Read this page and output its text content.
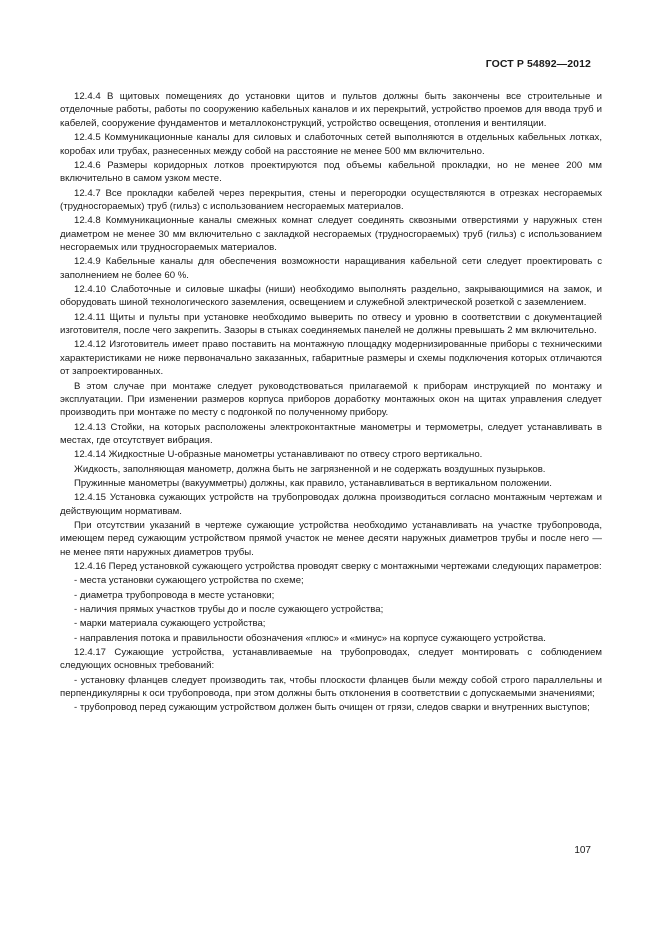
ГОСТ Р 54892—2012

12.4.4 В щитовых помещениях до установки щитов и пультов должны быть закончены все строительные и отделочные работы, работы по сооружению кабельных каналов и их перекрытий, устройство проемов для ввода труб и кабелей, сооружение фундаментов и металлоконструкций, устройство освещения, отопления и вентиляции.

12.4.5 Коммуникационные каналы для силовых и слаботочных сетей выполняются в отдельных кабельных лотках, коробах или трубах, разнесенных между собой на расстояние не менее 500 мм включительно.

12.4.6 Размеры коридорных лотков проектируются под объемы кабельной прокладки, но не менее 200 мм включительно в самом узком месте.

12.4.7 Все прокладки кабелей через перекрытия, стены и перегородки осуществляются в отрезках несгораемых (трудносгораемых) труб (гильз) с использованием несгораемых материалов.

12.4.8 Коммуникационные каналы смежных комнат следует соединять сквозными отверстиями у наружных стен диаметром не менее 30 мм включительно с закладкой несгораемых (трудносгораемых) труб (гильз) с использованием несгораемых или трудносгораемых материалов.

12.4.9 Кабельные каналы для обеспечения возможности наращивания кабельной сети следует проектировать с заполнением не более 60 %.

12.4.10 Слаботочные и силовые шкафы (ниши) необходимо выполнять раздельно, закрывающимися на замок, и оборудовать шиной технологического заземления, освещением и служебной электрической розеткой с заземлением.

12.4.11 Щиты и пульты при установке необходимо выверить по отвесу и уровню в соответствии с документацией изготовителя, после чего закрепить. Зазоры в стыках соединяемых панелей не должны превышать 2 мм включительно.

12.4.12 Изготовитель имеет право поставить на монтажную площадку модернизированные приборы с техническими характеристиками не ниже первоначально заказанных, габаритные размеры и схемы подключения которых отличаются от запроектированных.

В этом случае при монтаже следует руководствоваться прилагаемой к приборам инструкцией по монтажу и эксплуатации. При изменении размеров корпуса приборов доработку монтажных окон на щитах управления следует производить при монтаже по месту с подгонкой по полученному прибору.

12.4.13 Стойки, на которых расположены электроконтактные манометры и термометры, следует устанавливать в местах, где отсутствует вибрация.

12.4.14 Жидкостные U-образные манометры устанавливают по отвесу строго вертикально.

Жидкость, заполняющая манометр, должна быть не загрязненной и не содержать воздушных пузырьков.

Пружинные манометры (вакуумметры) должны, как правило, устанавливаться в вертикальном положении.

12.4.15 Установка сужающих устройств на трубопроводах должна производиться согласно монтажным чертежам и действующим нормативам.

При отсутствии указаний в чертеже сужающие устройства необходимо устанавливать на участке трубопровода, имеющем перед сужающим устройством прямой участок не менее десяти наружных диаметров трубы и после него — не менее пяти наружных диаметров трубы.

12.4.16 Перед установкой сужающего устройства проводят сверку с монтажными чертежами следующих параметров:

- места установки сужающего устройства по схеме;

- диаметра трубопровода в месте установки;

- наличия прямых участков трубы до и после сужающего устройства;

- марки материала сужающего устройства;

- направления потока и правильности обозначения «плюс» и «минус» на корпусе сужающего устройства.

12.4.17 Сужающие устройства, устанавливаемые на трубопроводах, следует монтировать с соблюдением следующих основных требований:

- установку фланцев следует производить так, чтобы плоскости фланцев были между собой строго параллельны и перпендикулярны к оси трубопровода, при этом должны быть отклонения в соответствии с допускаемыми значениями;

- трубопровод перед сужающим устройством должен быть очищен от грязи, следов сварки и внутренних выступов;

107
